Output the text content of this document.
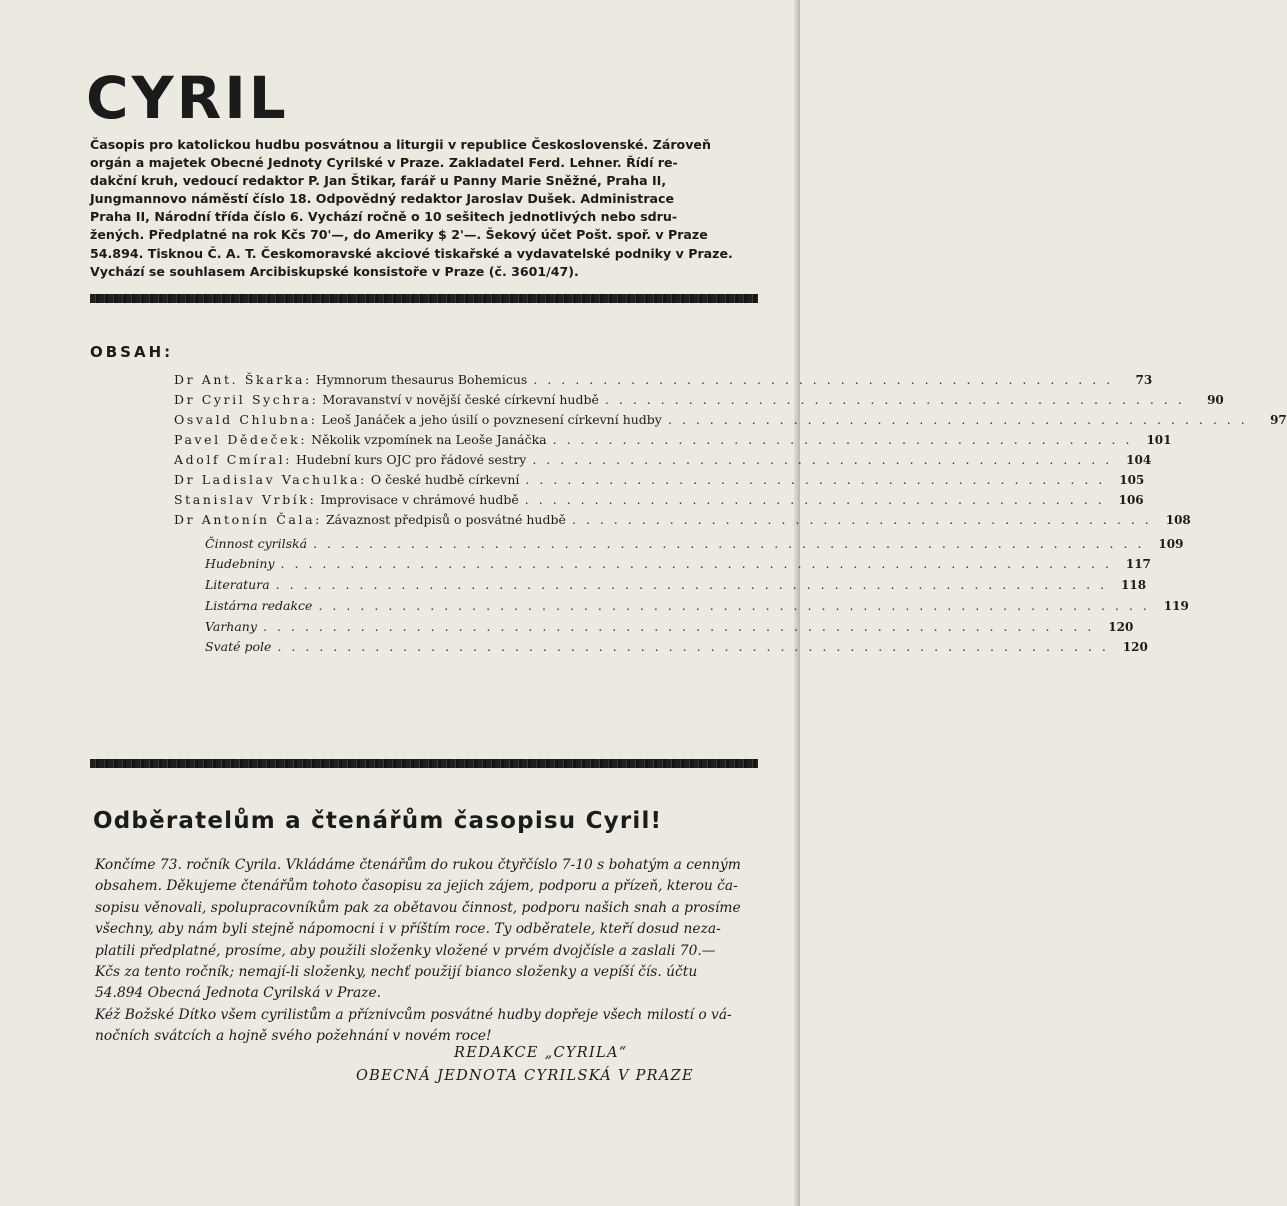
CYRIL

Časopis pro katolickou hudbu posvátnou a liturgii v republice Československé. Zároveň
orgán a majetek Obecné Jednoty Cyrilské v Praze. Zakladatel Ferd. Lehner. Řídí re-
dakční kruh, vedoucí redaktor P. Jan Štikar, farář u Panny Marie Sněžné, Praha II,
Jungmannovo náměstí číslo 18. Odpovědný redaktor Jaroslav Dušek. Administrace
Praha II, Národní třída číslo 6. Vychází ročně o 10 sešitech jednotlivých nebo sdru-
žených. Předplatné na rok Kčs 70'—, do Ameriky $ 2'—. Šekový účet Pošt. spoř. v Praze
54.894. Tisknou Č. A. T. Českomoravské akciové tiskařské a vydavatelské podniky v Praze.
Vychází se souhlasem Arcibiskupské konsistoře v Praze (č. 3601/47).

OBSAH:
Dr Ant. Škarka:
Hymnorum thesaurus Bohemicus ..........................................	73
Dr Cyril Sychra:
Moravanství v novější české církevní hudbě ..........................................	90
Osvald Chlubna:
Leoš Janáček a jeho úsilí o povznesení církevní hudby ..........................................	97
Pavel Dědeček:
Několik vzpomínek na Leoše Janáčka .......................................... 101
Adolf Cmíral:
Hudební kurs OJC pro řádové sestry .......................................... 104
Dr Ladislav Vachulka:
O české hudbě církevní .......................................... 105
Stanislav Vrbík:
Improvisace v chrámové hudbě .......................................... 106
Dr Antonín Čala:
Závaznost předpisů o posvátné hudbě .......................................... 108
Činnost cyrilská ............................................................ 109
Hudebniny ............................................................ 117
Literatura ............................................................ 118
Listárna redakce ............................................................ 119
Varhany ............................................................ 120
Svaté pole ............................................................ 120
Odběratelům a čtenářům časopisu Cyril!

Končíme 73. ročník Cyrila. Vkládáme čtenářům do rukou čtyřčíslo 7-10 s bohatým a cenným
obsahem. Děkujeme čtenářům tohoto časopisu za jejich zájem, podporu a přízeň, kterou ča-
sopisu věnovali, spolupracovníkům pak za obětavou činnost, podporu našich snah a prosíme
všechny, aby nám byli stejně nápomocni i v příštím roce. Ty odběratele, kteří dosud neza-
platili předplatné, prosíme, aby použili složenky vložené v prvém dvojčísle a zaslali 70.—
Kčs za tento ročník; nemají-li složenky, nechť použijí bianco složenky a vepíší čís. účtu
54.894 Obecná Jednota Cyrilská v Praze.
Kéž Božské Dítko všem cyrilistům a příznivcům posvátné hudby dopřeje všech milostí o vá-
nočních svátcích a hojně svého požehnání v novém roce!

REDAKCE „CYRILA“

OBECNÁ JEDNOTA CYRILSKÁ V PRAZE
